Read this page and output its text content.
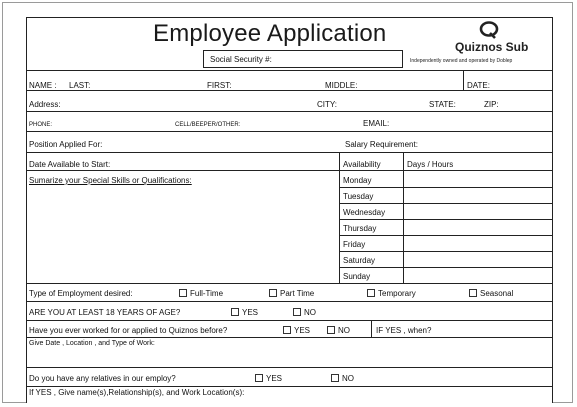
Employee Application
Social Security #:
Quiznos Sub
Independently owned and operated by Doblep
NAME : LAST:	FIRST:	MIDDLE:	DATE:
Address:	CITY:	STATE:	ZIP:
PHONE:	CELL/BEEPER/OTHER:	EMAIL:
Position Applied For:	Salary Requirement:
Date Available to Start:	Availability	Days / Hours
Sumarize your Special Skills or Qualifications:	Monday
Tuesday
Wednesday
Thursday
Friday
Saturday
Sunday
Type of Employment desired:	Full-Time	Part Time	Temporary	Seasonal
ARE YOU AT LEAST 18 YEARS OF AGE?	YES	NO
Have you ever worked for or applied to Quiznos before?	YES	NO	IF YES , when?
Give Date , Location , and Type of Work:
Do you have any relatives in our employ?	YES	NO
If YES , Give name(s),Relationship(s), and Work Location(s):
